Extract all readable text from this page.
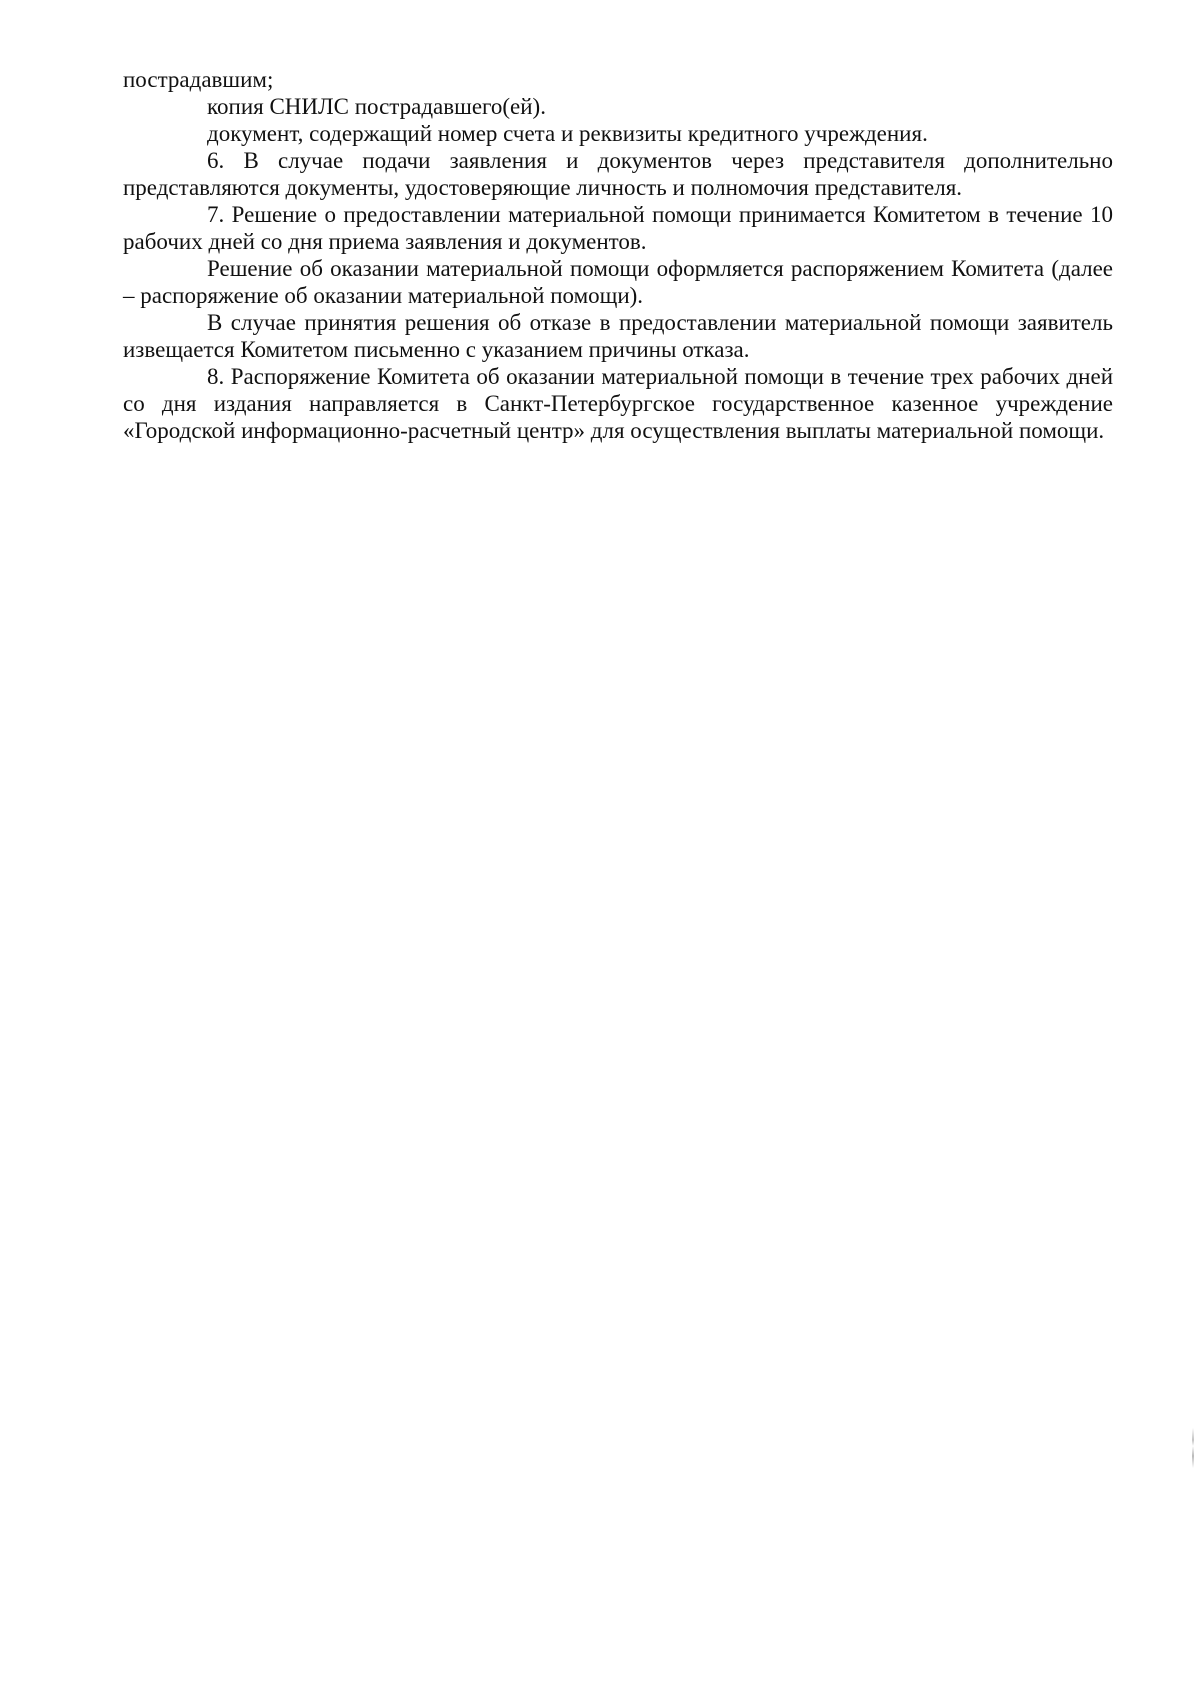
пострадавшим;

копия СНИЛС пострадавшего(ей).

документ, содержащий номер счета и реквизиты кредитного учреждения.

6. В случае подачи заявления и документов через представителя дополнительно представляются документы, удостоверяющие личность и полномочия представителя.

7. Решение о предоставлении материальной помощи принимается Комитетом в течение 10 рабочих дней со дня приема заявления и документов.

Решение об оказании материальной помощи оформляется распоряжением Комитета (далее – распоряжение об оказании материальной помощи).

В случае принятия решения об отказе в предоставлении материальной помощи заявитель извещается Комитетом письменно с указанием причины отказа.

8. Распоряжение Комитета об оказании материальной помощи в течение трех рабочих дней со дня издания направляется в Санкт-Петербургское государственное казенное учреждение «Городской информационно-расчетный центр» для осуществления выплаты материальной помощи.
